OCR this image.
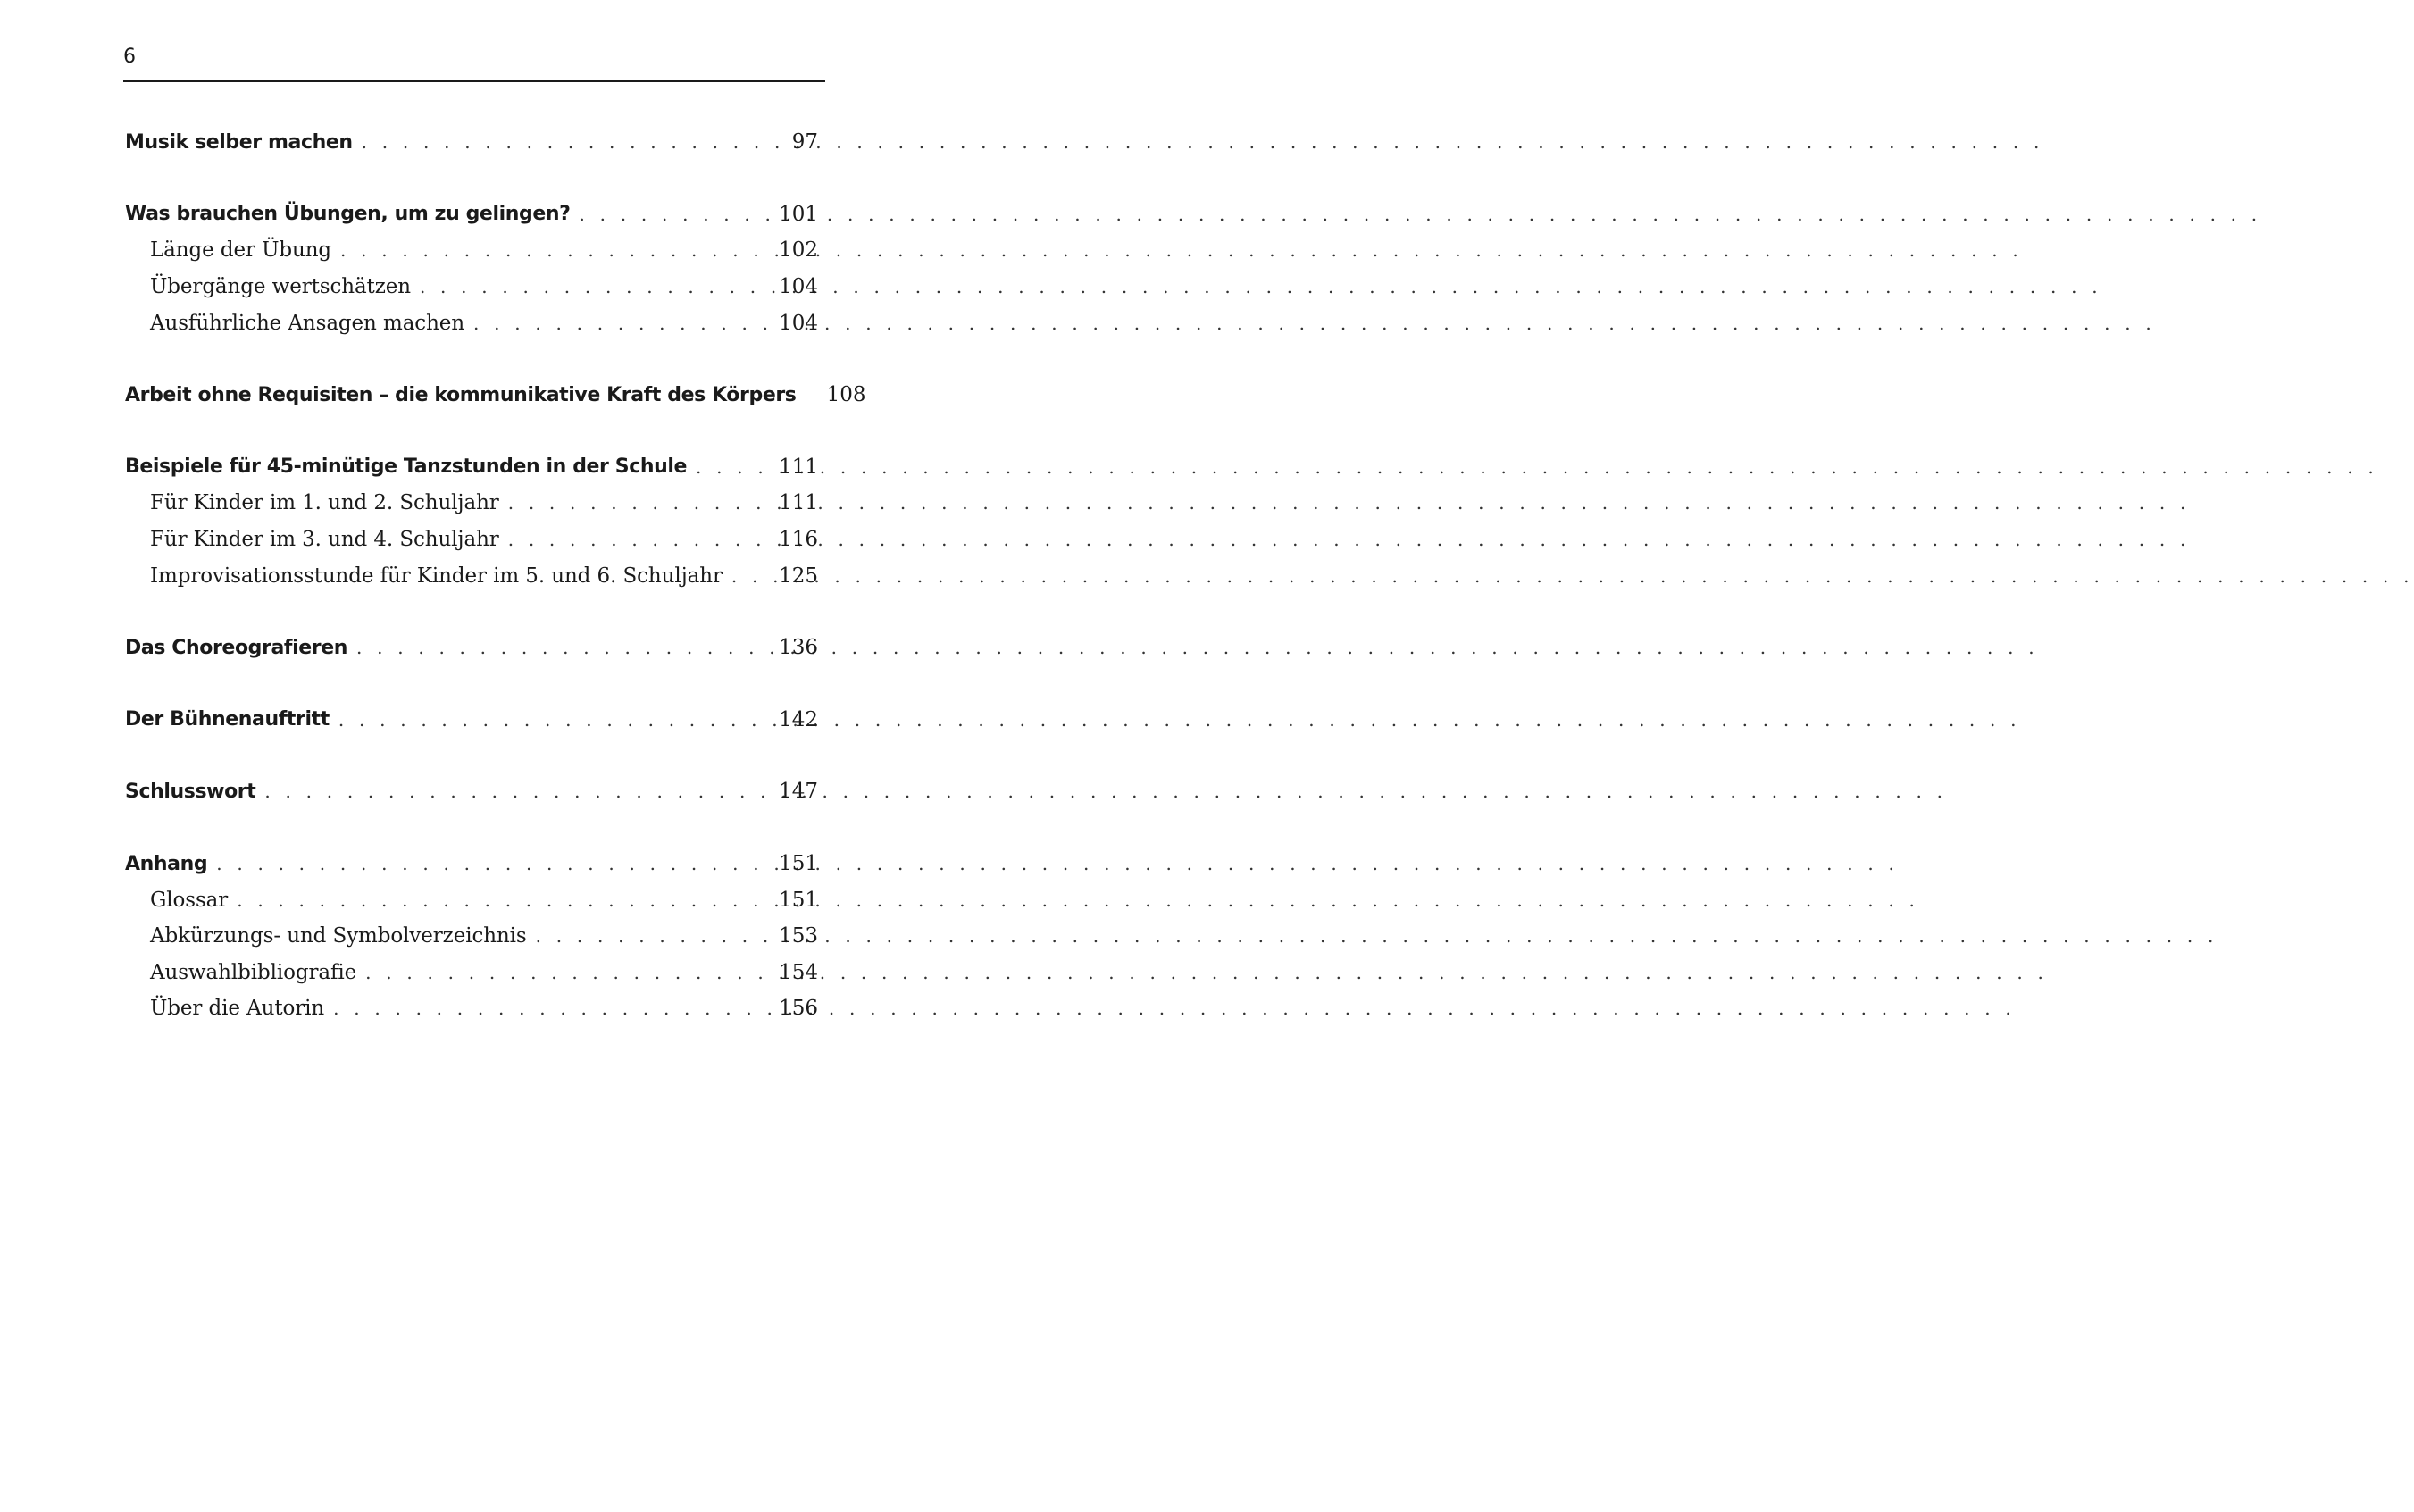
6
Musik selber machen . . .	97
Was brauchen Übungen, um zu gelingen? . . .	101
Länge der Übung . . .	102
Übergänge wertschätzen . . .	104
Ausführliche Ansagen machen . . .	104
Arbeit ohne Requisiten – die kommunikative Kraft des Körpers	108
Beispiele für 45-minütige Tanzstunden in der Schule . . .	111
Für Kinder im 1. und 2. Schuljahr . . .	111
Für Kinder im 3. und 4. Schuljahr . . .	116
Improvisationsstunde für Kinder im 5. und 6. Schuljahr . . .	125
Das Choreografieren . . .	136
Der Bühnenauftritt . . .	142
Schlusswort . . .	147
Anhang . . .	151
Glossar . . .	151
Abkürzungs- und Symbolverzeichnis . . .	153
Auswahlbibliografie . . .	154
Über die Autorin . . .	156
